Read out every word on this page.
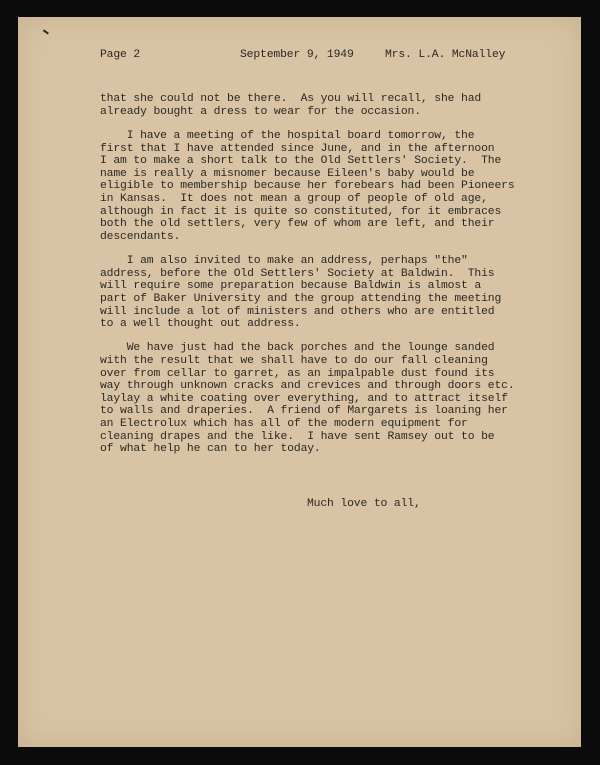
Page 2	September 9, 1949	Mrs. L.A. McNalley
that she could not be there.  As you will recall, she had
already bought a dress to wear for the occasion.
I have a meeting of the hospital board tomorrow, the
first that I have attended since June, and in the afternoon
I am to make a short talk to the Old Settlers' Society.  The
name is really a misnomer because Eileen's baby would be
eligible to membership because her forebears had been Pioneers
in Kansas.  It does not mean a group of people of old age,
although in fact it is quite so constituted, for it embraces
both the old settlers, very few of whom are left, and their
descendants.
I am also invited to make an address, perhaps "the"
address, before the Old Settlers' Society at Baldwin.  This
will require some preparation because Baldwin is almost a
part of Baker University and the group attending the meeting
will include a lot of ministers and others who are entitled
to a well thought out address.
We have just had the back porches and the lounge sanded
with the result that we shall have to do our fall cleaning
over from cellar to garret, as an impalpable dust found its
way through unknown cracks and crevices and through doors etc.
laylay a white coating over everything, and to attract itself
to walls and draperies.  A friend of Margarets is loaning her
an Electrolux which has all of the modern equipment for
cleaning drapes and the like.  I have sent Ramsey out to be
of what help he can to her today.
Much love to all,
